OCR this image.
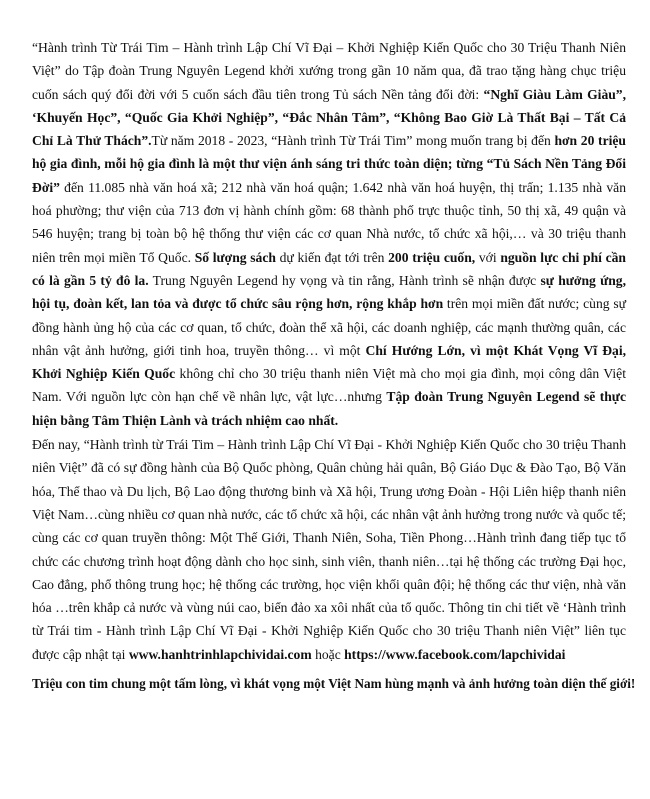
“Hành trình Từ Trái Tim – Hành trình Lập Chí Vĩ Đại – Khởi Nghiệp Kiến Quốc cho 30 Triệu Thanh Niên Việt” do Tập đoàn Trung Nguyên Legend khởi xướng trong gần 10 năm qua, đã trao tặng hàng chục triệu cuốn sách quý đổi đời với 5 cuốn sách đầu tiên trong Tủ sách Nền tảng đổi đời: “Nghĩ Giàu Làm Giàu”, ‘Khuyến Học”, “Quốc Gia Khởi Nghiệp”, “Đắc Nhân Tâm”, “Không Bao Giờ Là Thất Bại – Tất Cả Chỉ Là Thử Thách”.Từ năm 2018 - 2023, “Hành trình Từ Trái Tim” mong muốn trang bị đến hơn 20 triệu hộ gia đình, mỗi hộ gia đình là một thư viện ánh sáng tri thức toàn diện; từng “Tủ Sách Nền Tảng Đổi Đời” đến 11.085 nhà văn hoá xã; 212 nhà văn hoá quận; 1.642 nhà văn hoá huyện, thị trấn; 1.135 nhà văn hoá phường; thư viện của 713 đơn vị hành chính gồm: 68 thành phố trực thuộc tỉnh, 50 thị xã, 49 quận và 546 huyện; trang bị toàn bộ hệ thống thư viện các cơ quan Nhà nước, tổ chức xã hội,… và 30 triệu thanh niên trên mọi miền Tổ Quốc. Số lượng sách dự kiến đạt tới trên 200 triệu cuốn, với nguồn lực chi phí cần có là gần 5 tỷ đô la. Trung Nguyên Legend hy vọng và tin rằng, Hành trình sẽ nhận được sự hưởng ứng, hội tụ, đoàn kết, lan tỏa và được tổ chức sâu rộng hơn, rộng khắp hơn trên mọi miền đất nước; cùng sự đồng hành ủng hộ của các cơ quan, tổ chức, đoàn thể xã hội, các doanh nghiệp, các mạnh thường quân, các nhân vật ảnh hưởng, giới tinh hoa, truyền thông… vì một Chí Hướng Lớn, vì một Khát Vọng Vĩ Đại, Khởi Nghiệp Kiến Quốc không chỉ cho 30 triệu thanh niên Việt mà cho mọi gia đình, mọi công dân Việt Nam. Với nguồn lực còn hạn chế về nhân lực, vật lực…nhưng Tập đoàn Trung Nguyên Legend sẽ thực hiện bằng Tâm Thiện Lành và trách nhiệm cao nhất.

Đến nay, “Hành trình từ Trái Tim – Hành trình Lập Chí Vĩ Đại - Khởi Nghiệp Kiến Quốc cho 30 triệu Thanh niên Việt” đã có sự đồng hành của Bộ Quốc phòng, Quân chủng hải quân, Bộ Giáo Dục & Đào Tạo, Bộ Văn hóa, Thể thao và Du lịch, Bộ Lao động thương binh và Xã hội, Trung ương Đoàn - Hội Liên hiệp thanh niên Việt Nam…cùng nhiều cơ quan nhà nước, các tổ chức xã hội, các nhân vật ảnh hưởng trong nước và quốc tế; cùng các cơ quan truyền thông: Một Thế Giới, Thanh Niên, Soha, Tiền Phong…Hành trình đang tiếp tục tổ chức các chương trình hoạt động dành cho học sinh, sinh viên, thanh niên…tại hệ thống các trường Đại học, Cao đẳng, phổ thông trung học; hệ thống các trường, học viện khối quân đội; hệ thống các thư viện, nhà văn hóa …trên khắp cả nước và vùng núi cao, biển đảo xa xôi nhất của tổ quốc. Thông tin chi tiết về ‘Hành trình từ Trái tim - Hành trình Lập Chí Vĩ Đại - Khởi Nghiệp Kiến Quốc cho 30 triệu Thanh niên Việt” liên tục được cập nhật tại www.hanhtrinhlapchividai.com hoặc https://www.facebook.com/lapchividai

Triệu con tim chung một tấm lòng, vì khát vọng một Việt Nam hùng mạnh và ảnh hưởng toàn diện thế giới!
